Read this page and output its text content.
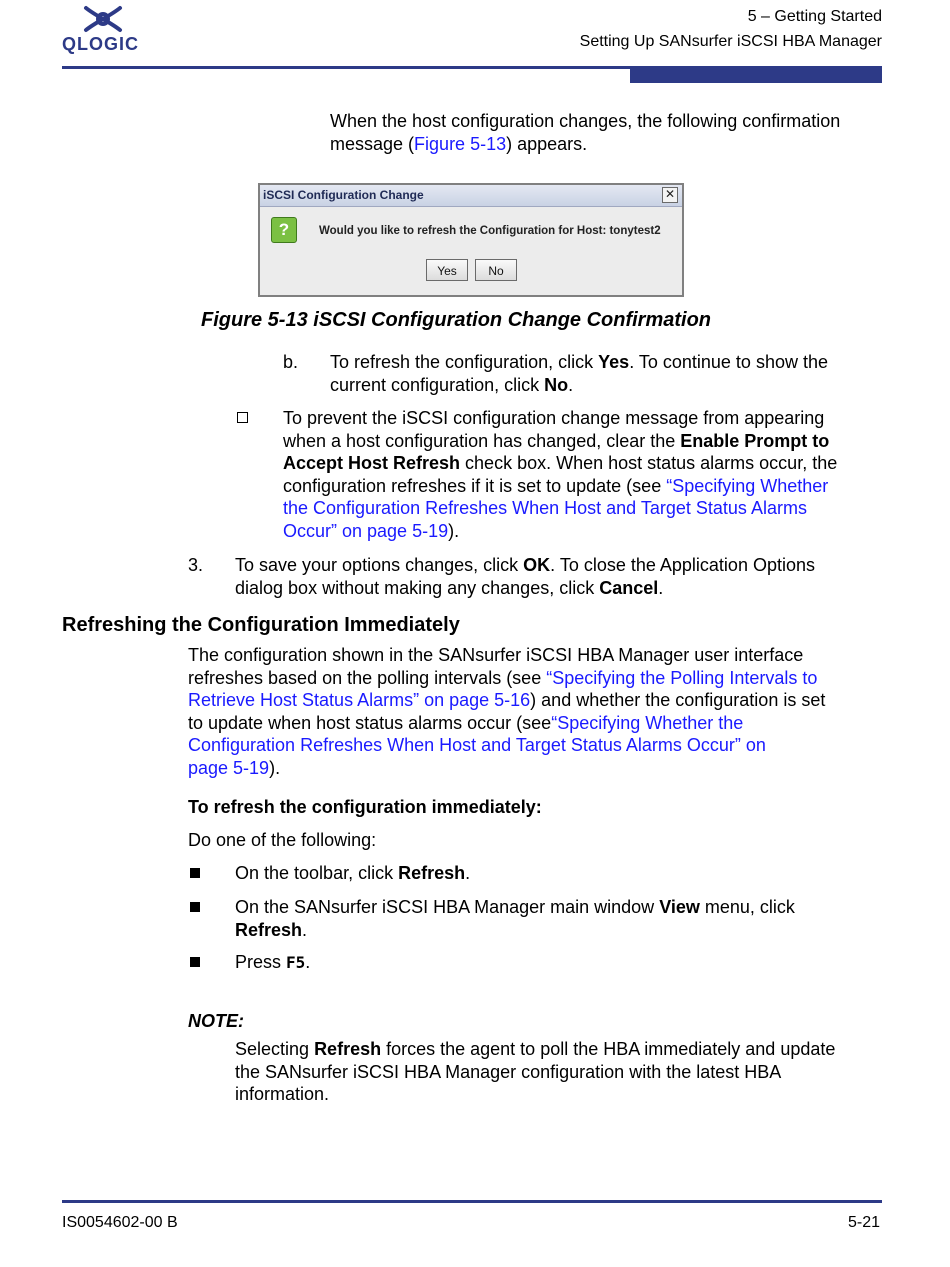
QLOGIC
5 – Getting Started
Setting Up SANsurfer iSCSI HBA Manager
When the host configuration changes, the following confirmation
message (Figure 5-13) appears.
iSCSI Configuration Change	✕
?	Would you like to refresh the Configuration for Host: tonytest2
Yes	No
Figure 5-13 iSCSI Configuration Change Confirmation
b. To refresh the configuration, click Yes. To continue to show the
current configuration, click No.
To prevent the iSCSI configuration change message from appearing
when a host configuration has changed, clear the Enable Prompt to
Accept Host Refresh check box. When host status alarms occur, the
configuration refreshes if it is set to update (see “Specifying Whether
the Configuration Refreshes When Host and Target Status Alarms
Occur” on page 5-19).
3. To save your options changes, click OK. To close the Application Options
dialog box without making any changes, click Cancel.
Refreshing the Configuration Immediately
The configuration shown in the SANsurfer iSCSI HBA Manager user interface
refreshes based on the polling intervals (see “Specifying the Polling Intervals to
Retrieve Host Status Alarms” on page 5-16) and whether the configuration is set
to update when host status alarms occur (see“Specifying Whether the
Configuration Refreshes When Host and Target Status Alarms Occur” on
page 5-19).
To refresh the configuration immediately:
Do one of the following:
On the toolbar, click Refresh.
On the SANsurfer iSCSI HBA Manager main window View menu, click
Refresh.
Press F5.
NOTE:
Selecting Refresh forces the agent to poll the HBA immediately and update
the SANsurfer iSCSI HBA Manager configuration with the latest HBA
information.
IS0054602-00 B	5-21
